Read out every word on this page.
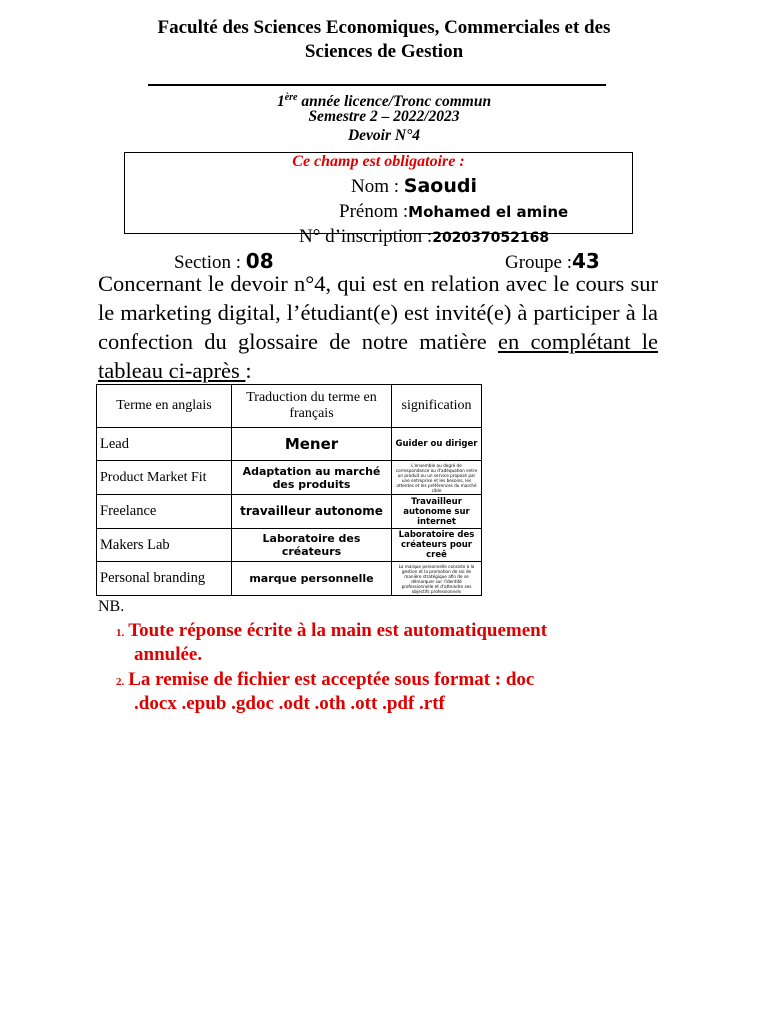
Faculté des Sciences Economiques, Commerciales et des
Sciences de Gestion
1ère année licence/Tronc commun
Semestre 2 – 2022/2023
Devoir N°4
Ce champ est obligatoire :
Nom : Saoudi
Prénom :Mohamed el amine
N° d’inscription :202037052168
Section : 08	Groupe :43
Concernant le devoir n°4, qui est en relation avec le cours sur le marketing digital, l’étudiant(e) est invité(e) à participer à la confection du glossaire de notre matière en complétant le tableau ci-après :
Terme en anglais	Traduction du terme en français	signification
Lead	Mener	Guider ou diriger
Product Market Fit	Adaptation au marché des produits	L'ensemble au degré de correspondance ou d'adéquation entre un produit ou un service proposé par une entreprise et les besoins, les attentes et les préférences du marché cible
Freelance	travailleur autonome	Travailleur autonome sur internet
Makers Lab	Laboratoire des créateurs	Laboratoire des créateurs pour creê
Personal branding	marque personnelle	La marque personnelle consiste à la gestion et la promotion de soi de manière stratégique afin de se démarquer sur l'identité professionnelle et d'atteindre ses objectifs professionnels
NB.
1. Toute réponse écrite à la main est automatiquement
annulée.
2. La remise de fichier est acceptée sous format : doc
.docx .epub .gdoc .odt .oth .ott .pdf .rtf
